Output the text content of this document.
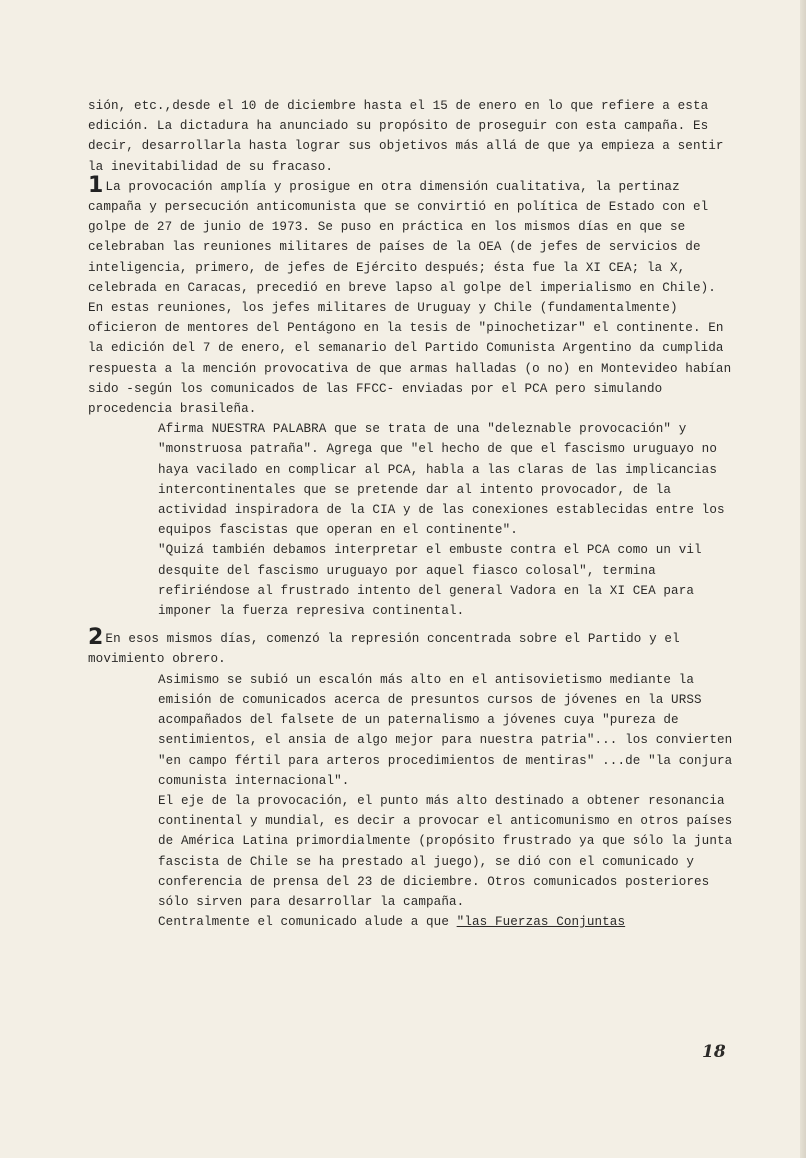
sión, etc.,desde el 10 de diciembre hasta el 15 de enero en lo que refiere a esta edición. La dictadura ha anunciado su propósito de proseguir con esta campaña. Es decir, desarrollarla hasta lograr sus objetivos más allá de que ya empieza a sentir la inevitabilidad de su fracaso.

1 La provocación amplía y prosigue en otra dimensión cualitativa, la pertinaz campaña y persecución anticomunista que se convirtió en política de Estado con el golpe de 27 de junio de 1973. Se puso en práctica en los mismos días en que se celebraban las reuniones militares de países de la OEA (de jefes de servicios de inteligencia, primero, de jefes de Ejército después; ésta fue la XI CEA; la X, celebrada en Caracas, precedió en breve lapso al golpe del imperialismo en Chile). En estas reuniones, los jefes militares de Uruguay y Chile (fundamentalmente) oficieron de mentores del Pentágono en la tesis de "pinochetizar" el continente. En la edición del 7 de enero, el semanario del Partido Comunista Argentino da cumplida respuesta a la mención provocativa de que armas halladas (o no) en Montevideo habían sido -según los comunicados de las FFCC- enviadas por el PCA pero simulando procedencia brasileña.

Afirma NUESTRA PALABRA que se trata de una "deleznable provocación" y "monstruosa patraña". Agrega que "el hecho de que el fascismo uruguayo no haya vacilado en complicar al PCA, habla a las claras de las implicancias intercontinentales que se pretende dar al intento provocador, de la actividad inspiradora de la CIA y de las conexiones establecidas entre los equipos fascistas que operan en el continente".

"Quizá también debamos interpretar el embuste contra el PCA como un vil desquite del fascismo uruguayo por aquel fiasco colosal", termina refiriéndose al frustrado intento del general Vadora en la XI CEA para imponer la fuerza represiva continental.

2 En esos mismos días, comenzó la represión concentrada sobre el Partido y el movimiento obrero.

Asimismo se subió un escalón más alto en el antisovietismo mediante la emisión de comunicados acerca de presuntos cursos de jóvenes en la URSS acompañados del falsete de un paternalismo a jóvenes cuya "pureza de sentimientos, el ansia de algo mejor para nuestra patria"... los convierten "en campo fértil para arteros procedimientos de mentiras" ...de "la conjura comunista internacional".

El eje de la provocación, el punto más alto destinado a obtener resonancia continental y mundial, es decir a provocar el anticomunismo en otros países de América Latina primordialmente (propósito frustrado ya que sólo la junta fascista de Chile se ha prestado al juego), se dió con el comunicado y conferencia de prensa del 23 de diciembre. Otros comunicados posteriores sólo sirven para desarrollar la campaña.

Centralmente el comunicado alude a que "las Fuerzas Conjuntas

18
